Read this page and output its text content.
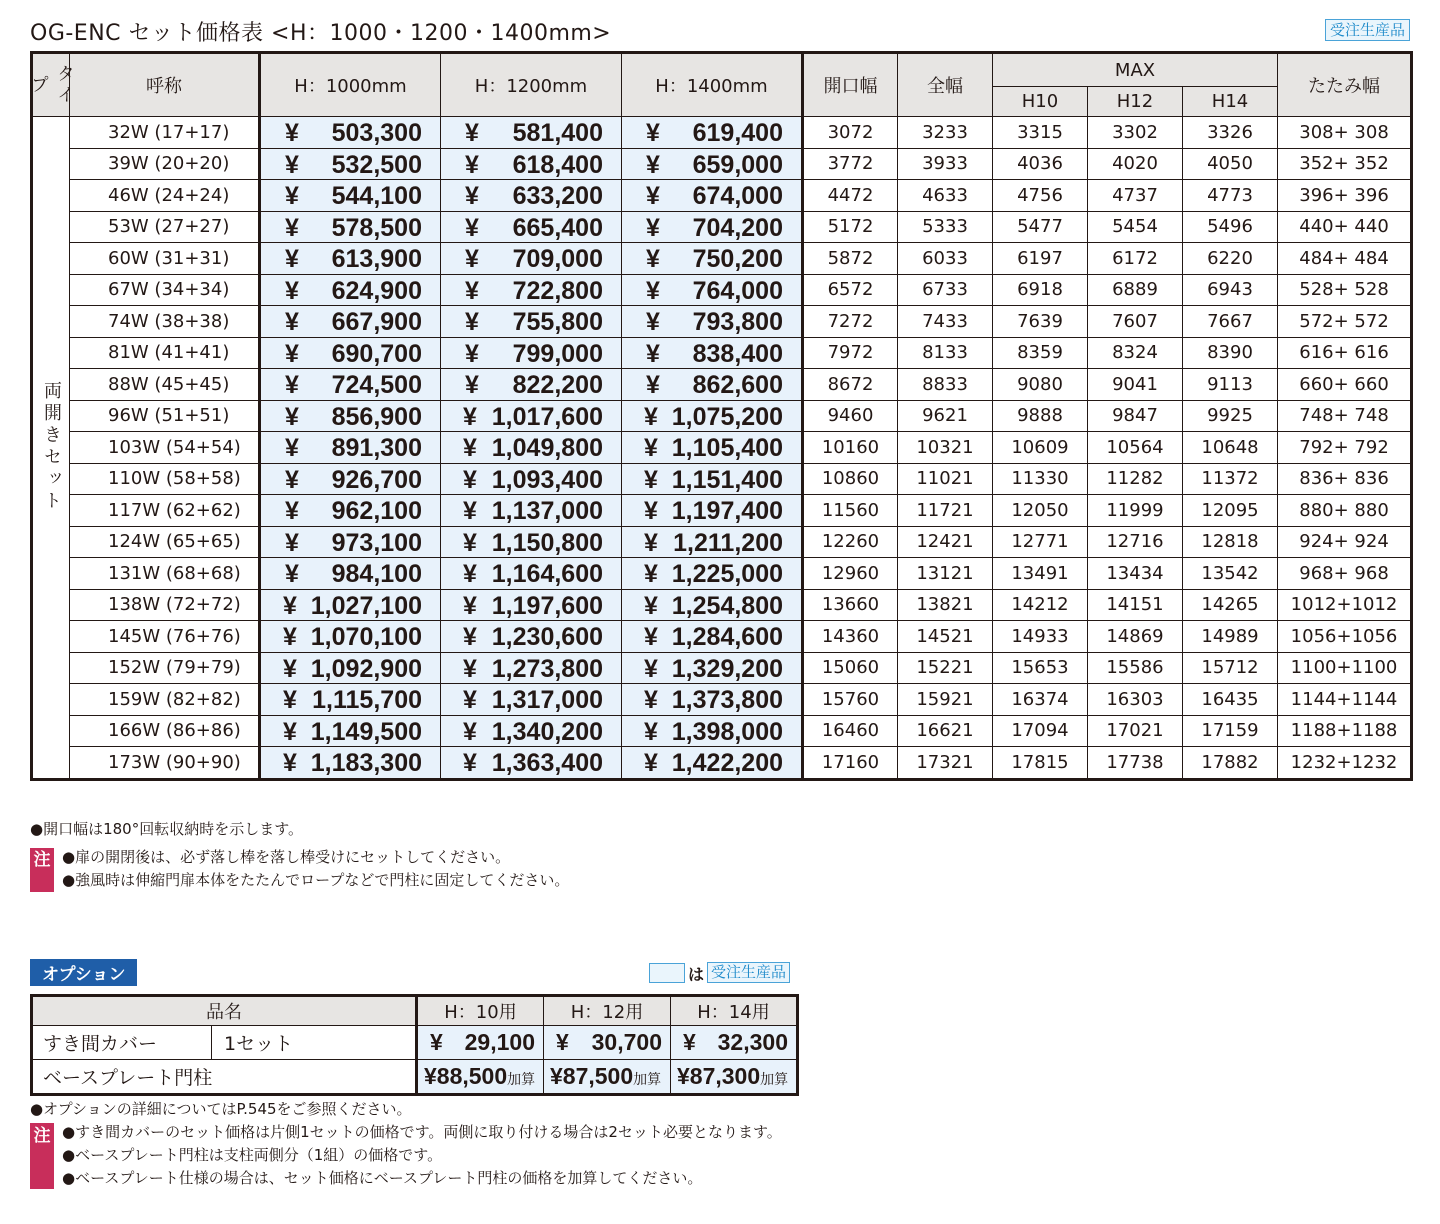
OG-ENC セット価格表 <H：1000・1200・1400mm>	受注生産品
タイプ	呼称	H：1000mm	H：1200mm	H：1400mm	開口幅	全幅	MAX			たたみ幅
							H10	H12	H14	
両開きセット	32W (17+17)	¥ 503,300	¥ 581,400	¥ 619,400	3072	3233	3315	3302	3326	308+ 308
	39W (20+20)	¥ 532,500	¥ 618,400	¥ 659,000	3772	3933	4036	4020	4050	352+ 352
	46W (24+24)	¥ 544,100	¥ 633,200	¥ 674,000	4472	4633	4756	4737	4773	396+ 396
	53W (27+27)	¥ 578,500	¥ 665,400	¥ 704,200	5172	5333	5477	5454	5496	440+ 440
	60W (31+31)	¥ 613,900	¥ 709,000	¥ 750,200	5872	6033	6197	6172	6220	484+ 484
	67W (34+34)	¥ 624,900	¥ 722,800	¥ 764,000	6572	6733	6918	6889	6943	528+ 528
	74W (38+38)	¥ 667,900	¥ 755,800	¥ 793,800	7272	7433	7639	7607	7667	572+ 572
	81W (41+41)	¥ 690,700	¥ 799,000	¥ 838,400	7972	8133	8359	8324	8390	616+ 616
	88W (45+45)	¥ 724,500	¥ 822,200	¥ 862,600	8672	8833	9080	9041	9113	660+ 660
	96W (51+51)	¥ 856,900	¥ 1,017,600	¥ 1,075,200	9460	9621	9888	9847	9925	748+ 748
	103W (54+54)	¥ 891,300	¥ 1,049,800	¥ 1,105,400	10160	10321	10609	10564	10648	792+ 792
	110W (58+58)	¥ 926,700	¥ 1,093,400	¥ 1,151,400	10860	11021	11330	11282	11372	836+ 836
	117W (62+62)	¥ 962,100	¥ 1,137,000	¥ 1,197,400	11560	11721	12050	11999	12095	880+ 880
	124W (65+65)	¥ 973,100	¥ 1,150,800	¥ 1,211,200	12260	12421	12771	12716	12818	924+ 924
	131W (68+68)	¥ 984,100	¥ 1,164,600	¥ 1,225,000	12960	13121	13491	13434	13542	968+ 968
	138W (72+72)	¥ 1,027,100	¥ 1,197,600	¥ 1,254,800	13660	13821	14212	14151	14265	1012+1012
	145W (76+76)	¥ 1,070,100	¥ 1,230,600	¥ 1,284,600	14360	14521	14933	14869	14989	1056+1056
	152W (79+79)	¥ 1,092,900	¥ 1,273,800	¥ 1,329,200	15060	15221	15653	15586	15712	1100+1100
	159W (82+82)	¥ 1,115,700	¥ 1,317,000	¥ 1,373,800	15760	15921	16374	16303	16435	1144+1144
	166W (86+86)	¥ 1,149,500	¥ 1,340,200	¥ 1,398,000	16460	16621	17094	17021	17159	1188+1188
	173W (90+90)	¥ 1,183,300	¥ 1,363,400	¥ 1,422,200	17160	17321	17815	17738	17882	1232+1232
●開口幅は180°回転収納時を示します。
注 ●扉の開閉後は、必ず落し棒を落し棒受けにセットしてください。
●強風時は伸縮門扉本体をたたんでロープなどで門柱に固定してください。
オプション	は 受注生産品
品名		H：10用	H：12用	H：14用
すき間カバー	1セット	¥ 29,100	¥ 30,700	¥ 32,300

ベースプレート門柱		¥88,500加算	¥87,500加算	¥87,300加算
●オプションの詳細についてはP.545をご参照ください。
注 ●すき間カバーのセット価格は片側1セットの価格です。両側に取り付ける場合は2セット必要となります。
●ベースプレート門柱は支柱両側分（1組）の価格です。
●ベースプレート仕様の場合は、セット価格にベースプレート門柱の価格を加算してください。
